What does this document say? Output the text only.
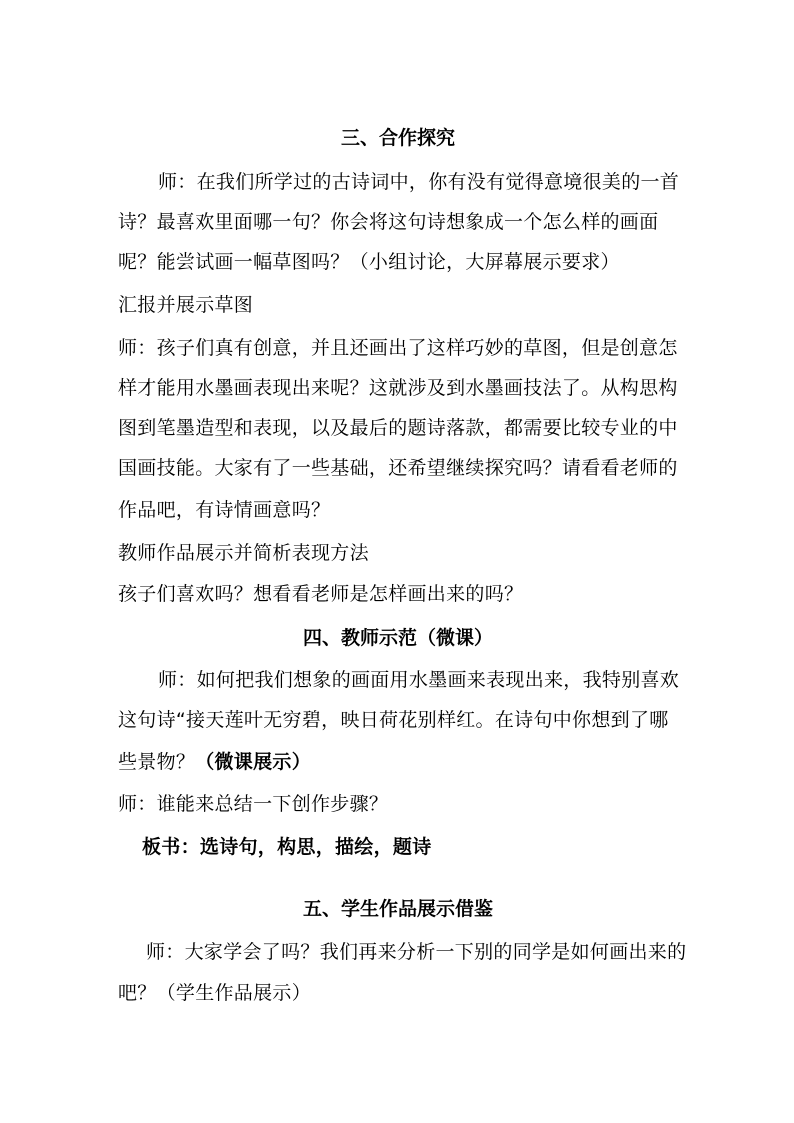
三、合作探究
师：在我们所学过的古诗词中，你有没有觉得意境很美的一首
诗？最喜欢里面哪一句？你会将这句诗想象成一个怎么样的画面
呢？能尝试画一幅草图吗？（小组讨论，大屏幕展示要求）
汇报并展示草图
师：孩子们真有创意，并且还画出了这样巧妙的草图，但是创意怎
样才能用水墨画表现出来呢？这就涉及到水墨画技法了。从构思构
图到笔墨造型和表现，以及最后的题诗落款，都需要比较专业的中
国画技能。大家有了一些基础，还希望继续探究吗？请看看老师的
作品吧，有诗情画意吗？
教师作品展示并简析表现方法
孩子们喜欢吗？想看看老师是怎样画出来的吗？
四、教师示范（微课）
师：如何把我们想象的画面用水墨画来表现出来，我特别喜欢
这句诗“接天莲叶无穷碧，映日荷花别样红。在诗句中你想到了哪
些景物？（微课展示）
师：谁能来总结一下创作步骤？
板书：选诗句，构思，描绘，题诗
五、学生作品展示借鉴
师：大家学会了吗？我们再来分析一下别的同学是如何画出来的
吧？（学生作品展示）
